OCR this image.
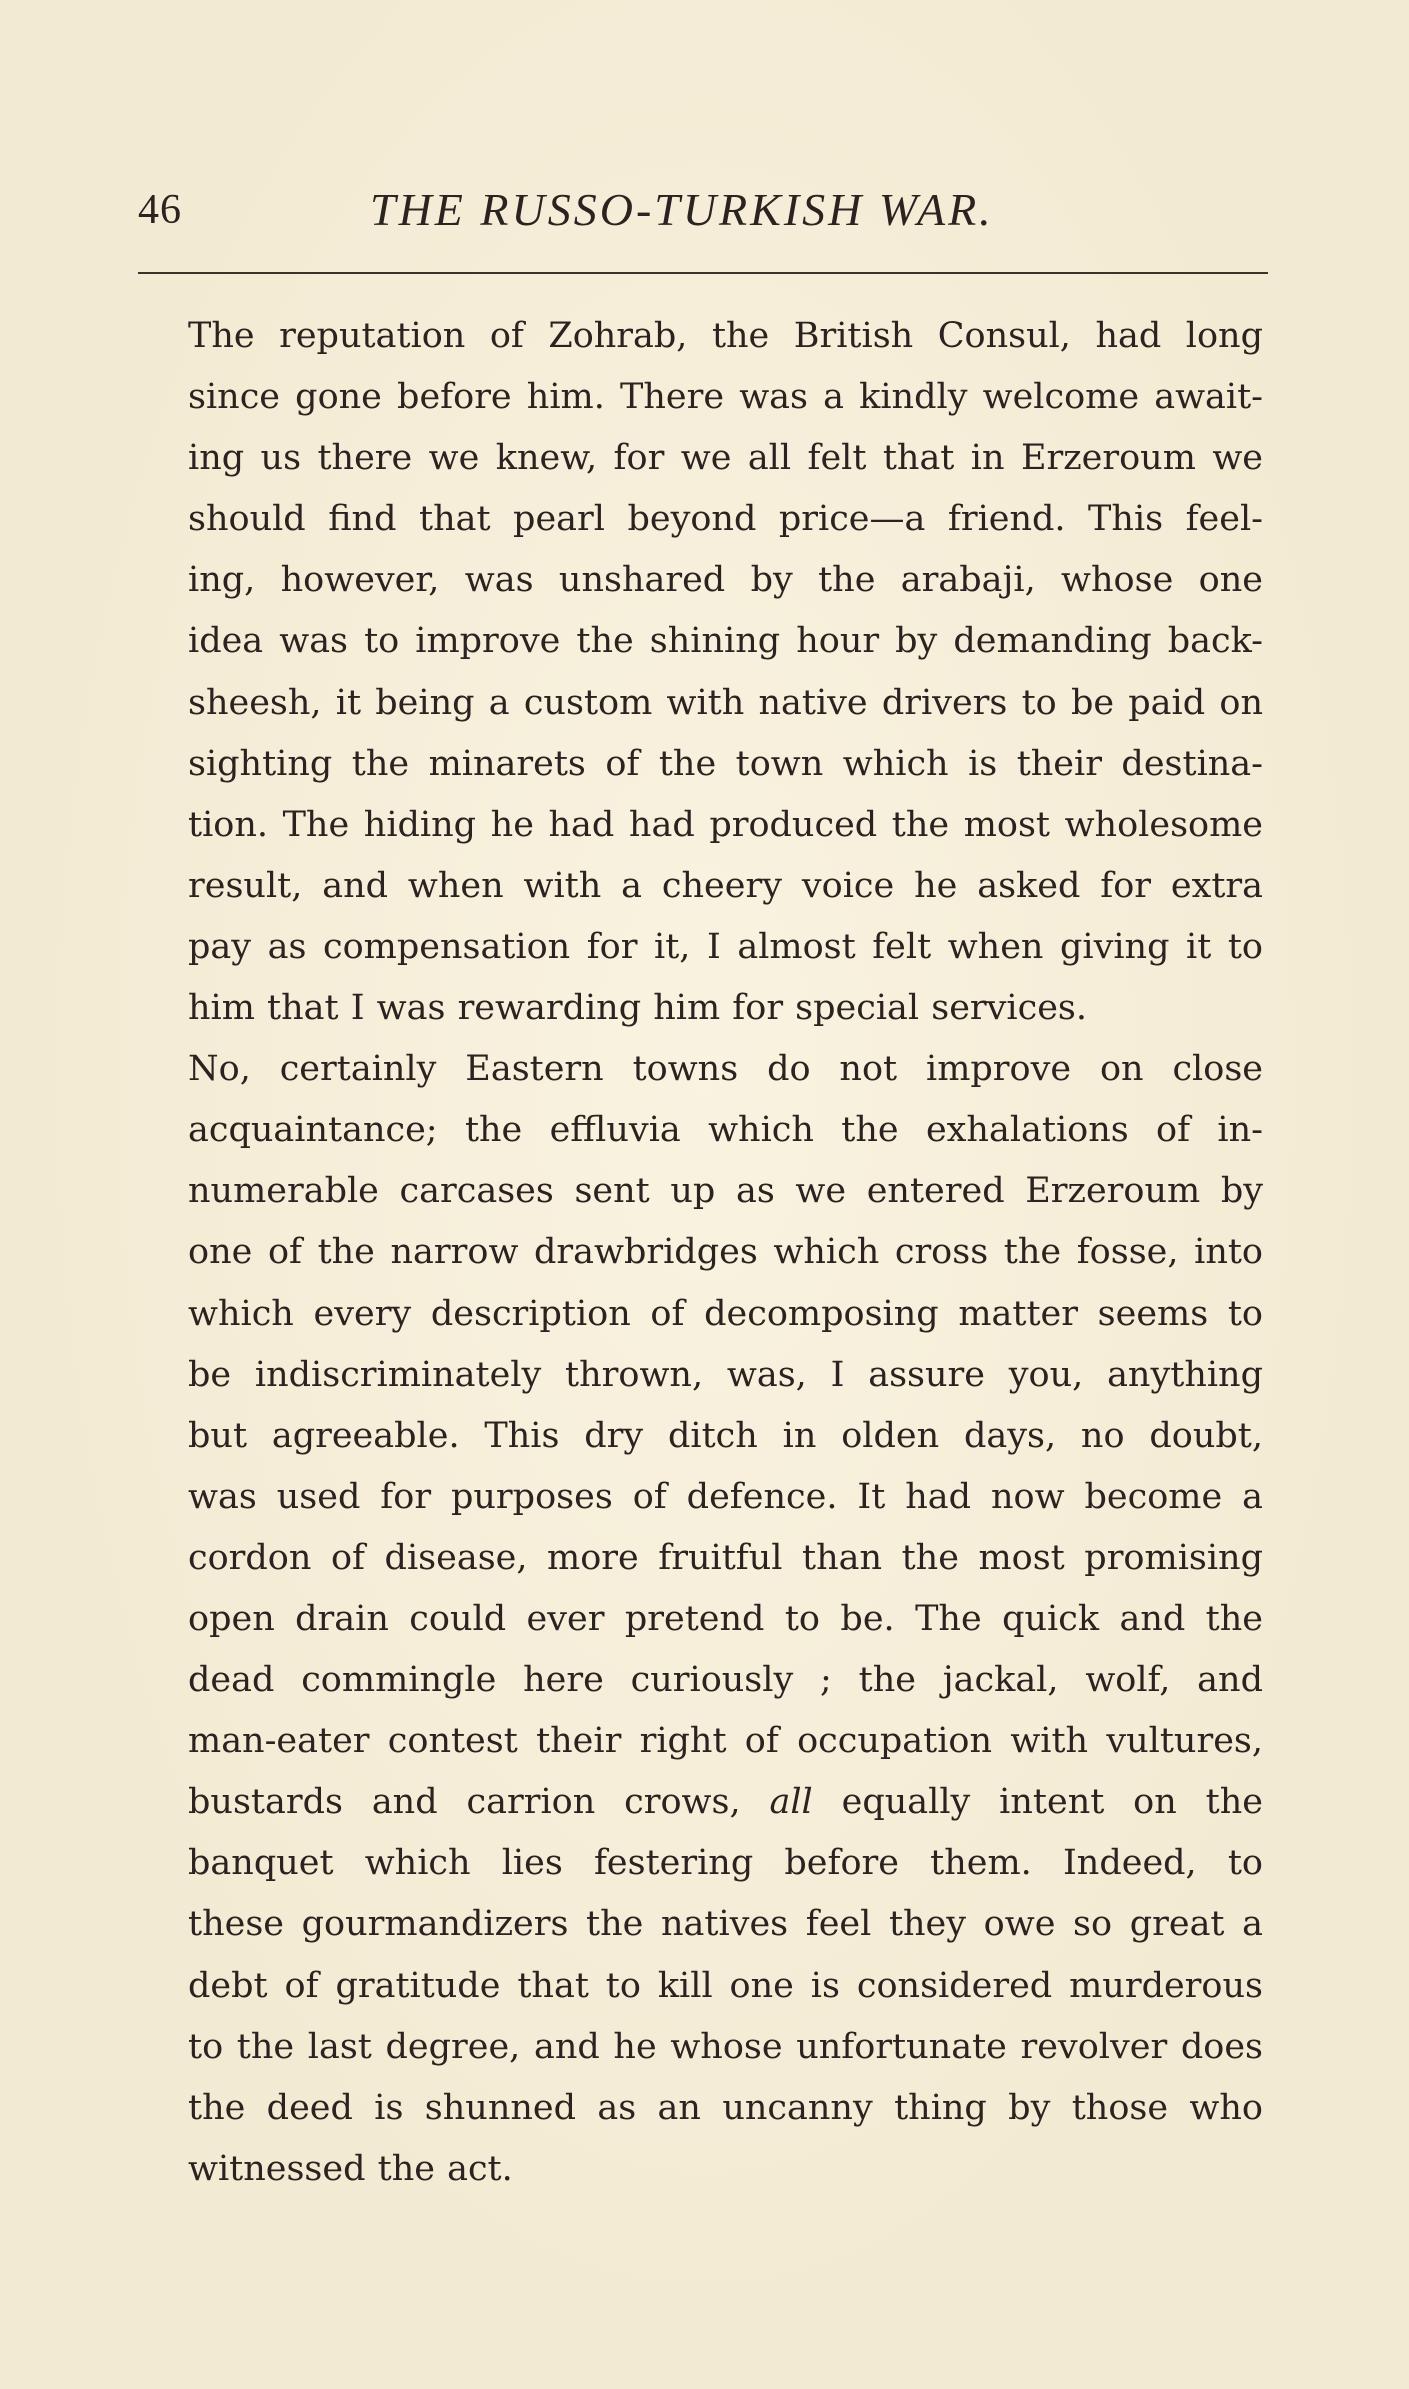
46	THE RUSSO-TURKISH WAR.

The reputation of Zohrab, the British Consul, had long
since gone before him. There was a kindly welcome await-
ing us there we knew, for we all felt that in Erzeroum we
should find that pearl beyond price—a friend. This feel-
ing, however, was unshared by the arabaji, whose one
idea was to improve the shining hour by demanding back-
sheesh, it being a custom with native drivers to be paid on
sighting the minarets of the town which is their destina-
tion. The hiding he had had produced the most wholesome
result, and when with a cheery voice he asked for extra
pay as compensation for it, I almost felt when giving it to
him that I was rewarding him for special services.

No, certainly Eastern towns do not improve on close
acquaintance; the effluvia which the exhalations of in-
numerable carcases sent up as we entered Erzeroum by
one of the narrow drawbridges which cross the fosse, into
which every description of decomposing matter seems to
be indiscriminately thrown, was, I assure you, anything
but agreeable. This dry ditch in olden days, no doubt,
was used for purposes of defence. It had now become a
cordon of disease, more fruitful than the most promising
open drain could ever pretend to be. The quick and the
dead commingle here curiously ; the jackal, wolf, and
man-eater contest their right of occupation with vultures,
bustards and carrion crows, all equally intent on the
banquet which lies festering before them. Indeed, to
these gourmandizers the natives feel they owe so great a
debt of gratitude that to kill one is considered murderous
to the last degree, and he whose unfortunate revolver does
the deed is shunned as an uncanny thing by those who
witnessed the act.
